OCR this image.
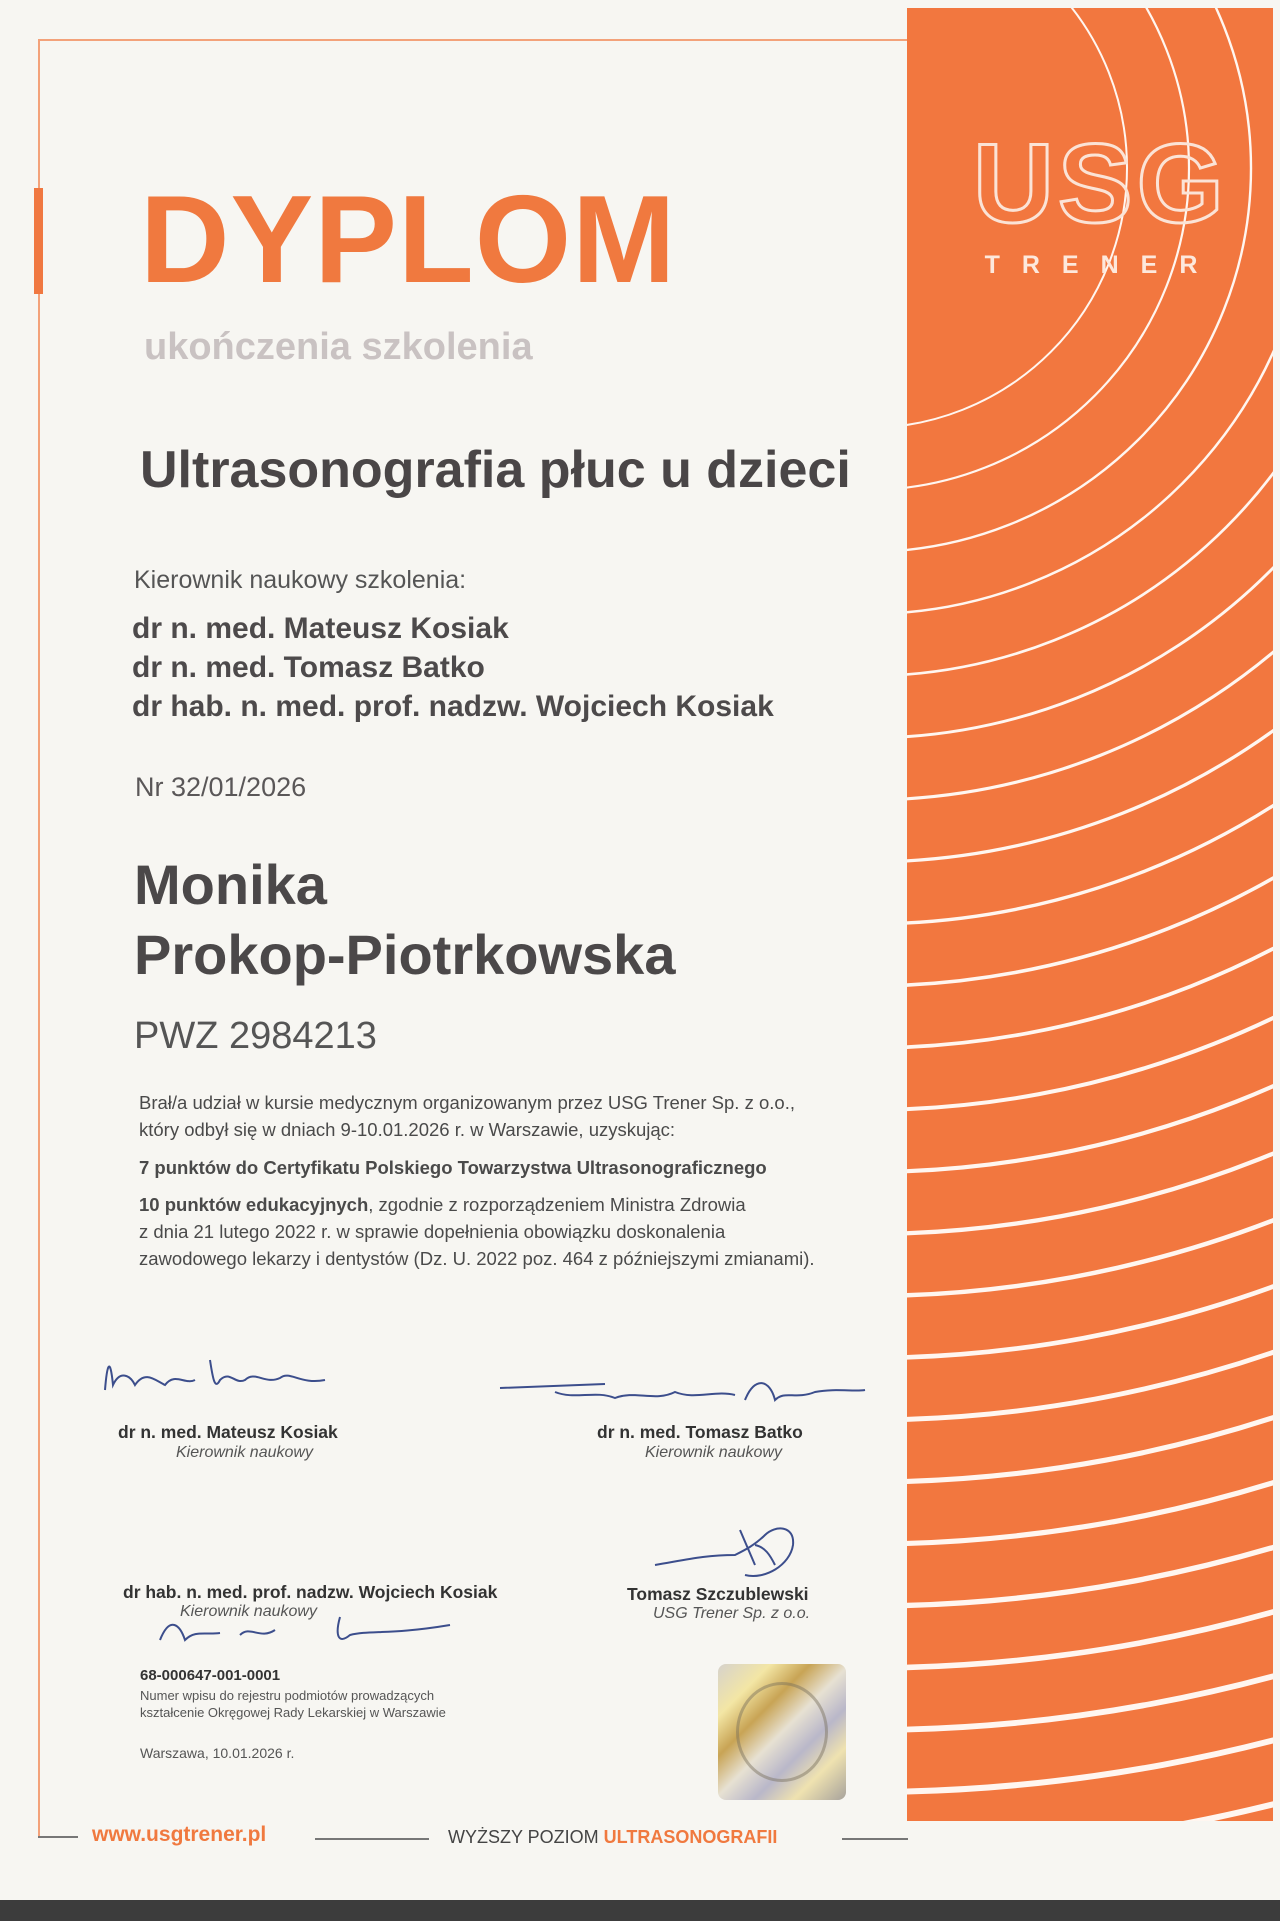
USG
TRENER
DYPLOM
ukończenia szkolenia
Ultrasonografia płuc u dzieci
Kierownik naukowy szkolenia:
dr n. med. Mateusz Kosiak
dr n. med. Tomasz Batko
dr hab. n. med. prof. nadzw. Wojciech Kosiak
Nr 32/01/2026
Monika
Prokop-Piotrkowska
PWZ 2984213
Brał/a udział w kursie medycznym organizowanym przez USG Trener Sp. z o.o.,
który odbył się w dniach 9-10.01.2026 r. w Warszawie, uzyskując:
7 punktów do Certyfikatu Polskiego Towarzystwa Ultrasonograficznego
10 punktów edukacyjnych, zgodnie z rozporządzeniem Ministra Zdrowia
z dnia 21 lutego 2022 r. w sprawie dopełnienia obowiązku doskonalenia
zawodowego lekarzy i dentystów (Dz. U. 2022 poz. 464 z późniejszymi zmianami).
dr n. med. Mateusz Kosiak
Kierownik naukowy
dr n. med. Tomasz Batko
Kierownik naukowy
dr hab. n. med. prof. nadzw. Wojciech Kosiak
Kierownik naukowy
Tomasz Szczublewski
USG Trener Sp. z o.o.
68-000647-001-0001
Numer wpisu do rejestru podmiotów prowadzących
kształcenie Okręgowej Rady Lekarskiej w Warszawie
Warszawa, 10.01.2026 r.
www.usgtrener.pl	WYŻSZY POZIOM ULTRASONOGRAFII
